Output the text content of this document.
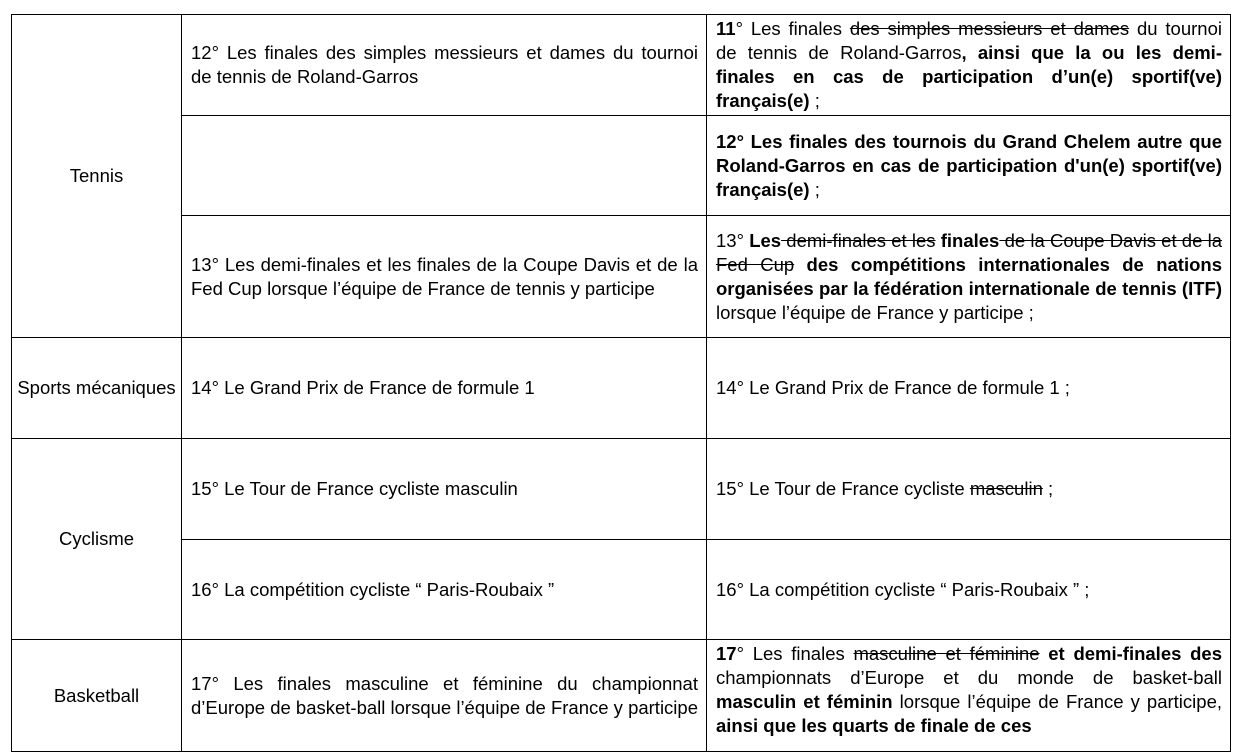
Tennis	12° Les finales des simples messieurs et dames du tournoi de tennis de Roland-Garros	11° Les finales des simples messieurs et dames du tournoi de tennis de Roland-Garros, ainsi que la ou les demi-finales en cas de participation d’un(e) sportif(ve) français(e) ;
		12° Les finales des tournois du Grand Chelem autre que Roland-Garros en cas de participation d'un(e) sportif(ve) français(e) ;
	13° Les demi-finales et les finales de la Coupe Davis et de la Fed Cup lorsque l’équipe de France de tennis y participe	13° Les demi-finales et les finales de la Coupe Davis et de la Fed Cup des compétitions internationales de nations organisées par la fédération internationale de tennis (ITF) lorsque l’équipe de France y participe ;
Sports mécaniques	14° Le Grand Prix de France de formule 1	14° Le Grand Prix de France de formule 1 ;
Cyclisme	15° Le Tour de France cycliste masculin	15° Le Tour de France cycliste masculin ;
	16° La compétition cycliste “ Paris-Roubaix ”	16° La compétition cycliste “ Paris-Roubaix ” ;
Basketball	17° Les finales masculine et féminine du championnat d’Europe de basket-ball lorsque l’équipe de France y participe	17° Les finales masculine et féminine et demi-finales des championnats d’Europe et du monde de basket-ball masculin et féminin lorsque l’équipe de France y participe, ainsi que les quarts de finale de ces
